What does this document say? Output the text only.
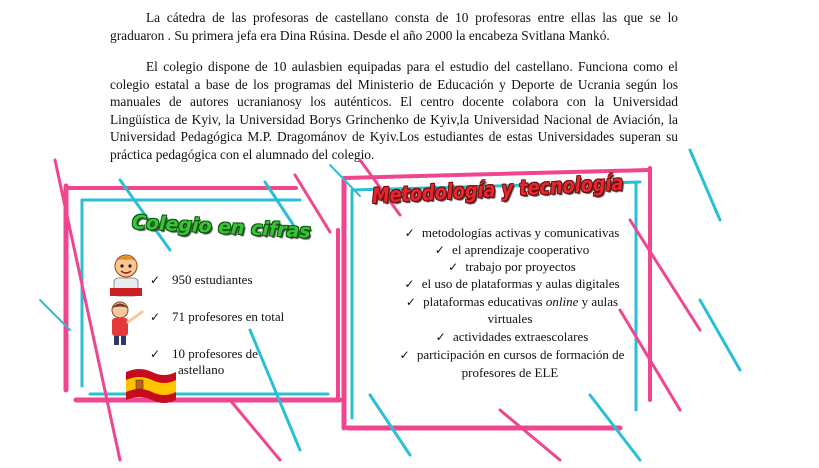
La cátedra de las profesoras de castellano consta de 10 profesoras entre ellas las que se lo graduaron . Su primera jefa era Dina Rúsina. Desde el año 2000 la encabeza Svitlana Mankó.

El colegio dispone de 10 aulasbien equipadas para el estudio del castellano. Funciona como el colegio estatal a base de los programas del Ministerio de Educación y Deporte de Ucrania según los manuales de autores ucranianosy los auténticos. El centro docente colabora con la Universidad Lingüística de Kyiv, la Universidad Borys Grinchenko de Kyiv,la Universidad Nacional de Aviación, la Universidad Pedagógica M.P. Dragománov de Kyiv.Los estudiantes de estas Universidades superan su práctica pedagógica con el alumnado del colegio.

Colegio en cifras
✓ 950 estudiantes
✓ 71 profesores en total
✓ 10 profesores de
astellano
Metodología y tecnología
✓ metodologías activas y comunicativas
✓ el aprendizaje cooperativo
✓ trabajo por proyectos
✓ el uso de plataformas y aulas digitales
✓ plataformas educativas online y aulas
virtuales
✓ actividades extraescolares
✓ participación en cursos de formación de
profesores de ELE
